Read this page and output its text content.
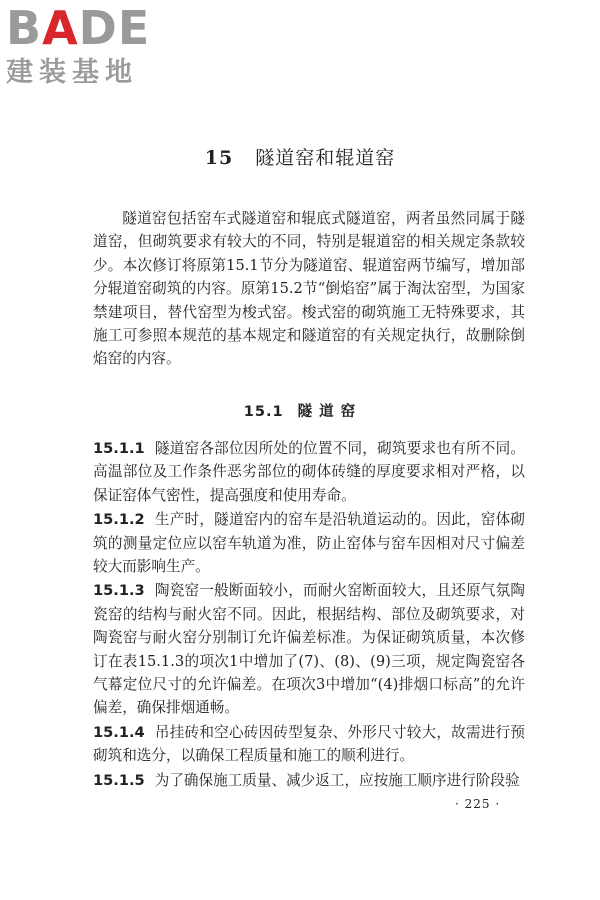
BADE
建装基地
15 隧道窑和辊道窑

隧道窑包括窑车式隧道窑和辊底式隧道窑，两者虽然同属于隧道窑，但砌筑要求有较大的不同，特别是辊道窑的相关规定条款较少。本次修订将原第15.1节分为隧道窑、辊道窑两节编写，增加部分辊道窑砌筑的内容。原第15.2节“倒焰窑”属于淘汰窑型，为国家禁建项目，替代窑型为梭式窑。梭式窑的砌筑施工无特殊要求，其施工可参照本规范的基本规定和隧道窑的有关规定执行，故删除倒焰窑的内容。

15.1 隧 道 窑

15.1.1 隧道窑各部位因所处的位置不同，砌筑要求也有所不同。高温部位及工作条件恶劣部位的砌体砖缝的厚度要求相对严格，以保证窑体气密性，提高强度和使用寿命。

15.1.2 生产时，隧道窑内的窑车是沿轨道运动的。因此，窑体砌筑的测量定位应以窑车轨道为准，防止窑体与窑车因相对尺寸偏差较大而影响生产。

15.1.3 陶瓷窑一般断面较小，而耐火窑断面较大，且还原气氛陶瓷窑的结构与耐火窑不同。因此，根据结构、部位及砌筑要求，对陶瓷窑与耐火窑分别制订允许偏差标准。为保证砌筑质量，本次修订在表15.1.3的项次1中增加了(7)、(8)、(9)三项，规定陶瓷窑各气幕定位尺寸的允许偏差。在项次3中增加“(4)排烟口标高”的允许偏差，确保排烟通畅。

15.1.4 吊挂砖和空心砖因砖型复杂、外形尺寸较大，故需进行预砌筑和选分，以确保工程质量和施工的顺利进行。

15.1.5 为了确保施工质量、减少返工，应按施工顺序进行阶段验

· 225 ·
